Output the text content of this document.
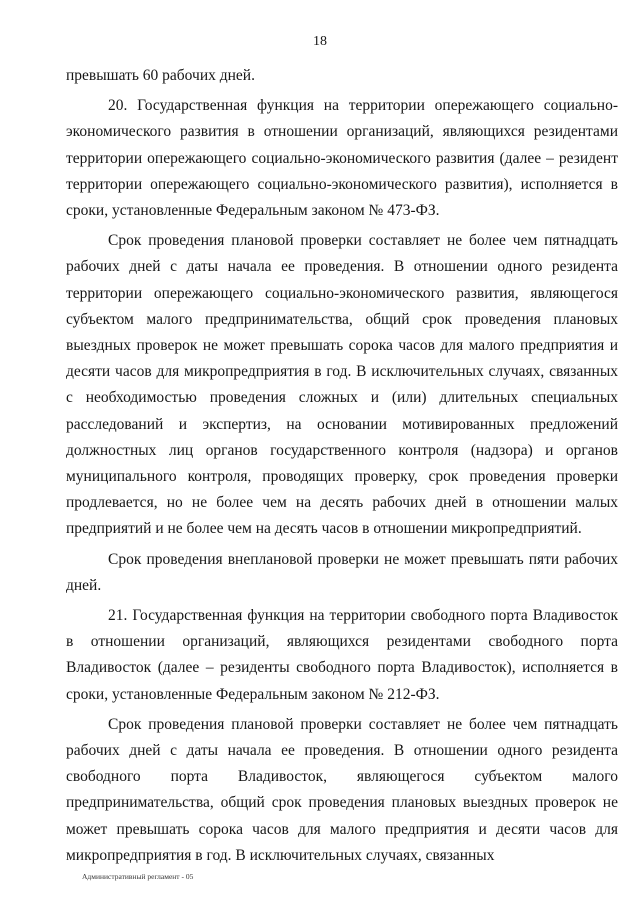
18

превышать 60 рабочих дней.

20. Государственная функция на территории опережающего социально-экономического развития в отношении организаций, являющихся резидентами территории опережающего социально-экономического развития (далее – резидент территории опережающего социально-экономического развития), исполняется в сроки, установленные Федеральным законом № 473-ФЗ.

Срок проведения плановой проверки составляет не более чем пятнадцать рабочих дней с даты начала ее проведения. В отношении одного резидента территории опережающего социально-экономического развития, являющегося субъектом малого предпринимательства, общий срок проведения плановых выездных проверок не может превышать сорока часов для малого предприятия и десяти часов для микропредприятия в год. В исключительных случаях, связанных с необходимостью проведения сложных и (или) длительных специальных расследований и экспертиз, на основании мотивированных предложений должностных лиц органов государственного контроля (надзора) и органов муниципального контроля, проводящих проверку, срок проведения проверки продлевается, но не более чем на десять рабочих дней в отношении малых предприятий и не более чем на десять часов в отношении микропредприятий.

Срок проведения внеплановой проверки не может превышать пяти рабочих дней.

21. Государственная функция на территории свободного порта Владивосток в отношении организаций, являющихся резидентами свободного порта Владивосток (далее – резиденты свободного порта Владивосток), исполняется в сроки, установленные Федеральным законом № 212-ФЗ.

Срок проведения плановой проверки составляет не более чем пятнадцать рабочих дней с даты начала ее проведения. В отношении одного резидента свободного порта Владивосток, являющегося субъектом малого предпринимательства, общий срок проведения плановых выездных проверок не может превышать сорока часов для малого предприятия и десяти часов для микропредприятия в год. В исключительных случаях, связанных

Административный регламент - 05
